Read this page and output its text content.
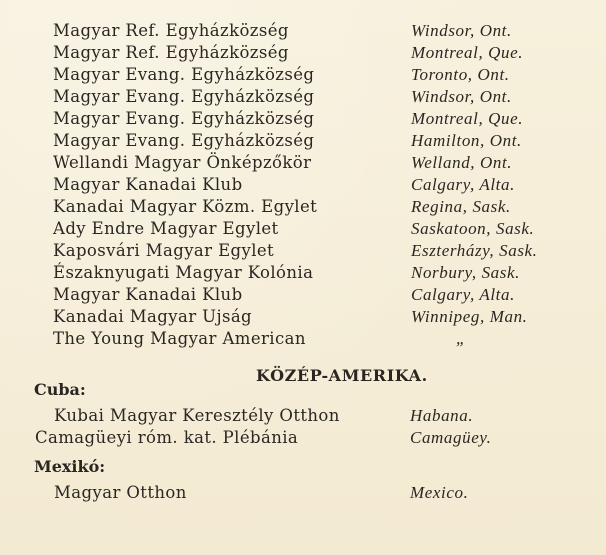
Magyar Ref. Egyházközség	Windsor, Ont.
Magyar Ref. Egyházközség	Montreal, Que.
Magyar Evang. Egyházközség	Toronto, Ont.
Magyar Evang. Egyházközség	Windsor, Ont.
Magyar Evang. Egyházközség	Montreal, Que.
Magyar Evang. Egyházközség	Hamilton, Ont.
Wellandi Magyar Önképzőkör	Welland, Ont.
Magyar Kanadai Klub	Calgary, Alta.
Kanadai Magyar Közm. Egylet	Regina, Sask.
Ady Endre Magyar Egylet	Saskatoon, Sask.
Kaposvári Magyar Egylet	Eszterházy, Sask.
Északnyugati Magyar Kolónia	Norbury, Sask.
Magyar Kanadai Klub	Calgary, Alta.
Kanadai Magyar Ujság	Winnipeg, Man.
The Young Magyar American	„
KÖZÉP-AMERIKA.
Cuba:
Kubai Magyar Keresztély Otthon	Habana.
Camagüeyi róm. kat. Plébánia	Camagüey.
Mexikó:
Magyar Otthon	Mexico.
